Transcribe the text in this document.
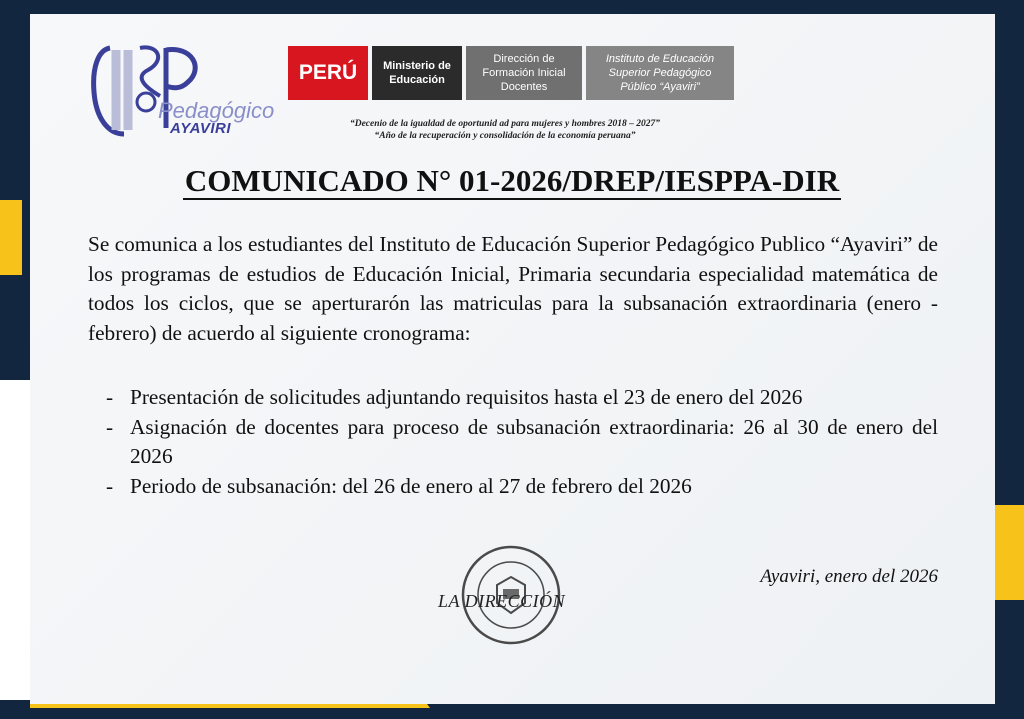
Pedagógico
AYAVIRI
PERÚ	Ministerio de
Educación
Dirección de
Formación Inicial
Docentes
Instituto de Educación
Superior Pedagógico
Público “Ayaviri”
“Decenio de la igualdad de oportunid ad para mujeres y hombres 2018 – 2027”
“Año de la recuperación y consolidación de la economía peruana”
COMUNICADO N° 01-2026/DREP/IESPPA-DIR

Se comunica a los estudiantes del Instituto de Educación Superior Pedagógico Publico “Ayaviri” de los programas de estudios de Educación Inicial, Primaria secundaria especialidad matemática de todos los ciclos, que se aperturarón las matriculas para la subsanación extraordinaria (enero - febrero) de acuerdo al siguiente cronograma:

- Presentación de solicitudes adjuntando requisitos hasta el 23 de enero del 2026
- Asignación de docentes para proceso de subsanación extraordinaria: 26 al 30 de enero del 2026
- Periodo de subsanación: del 26 de enero al 27 de febrero del 2026
Ayaviri, enero del 2026
LA DIRECCIÓN
